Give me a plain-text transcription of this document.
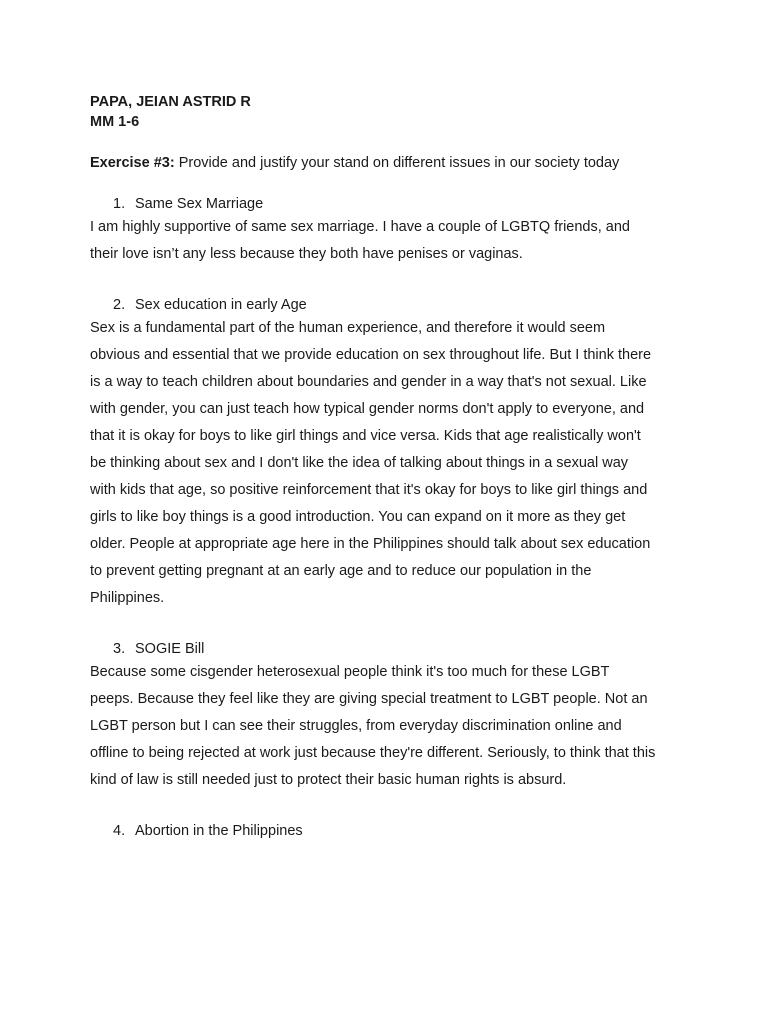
PAPA, JEIAN ASTRID R
MM 1-6
Exercise #3: Provide and justify your stand on different issues in our society today
1. Same Sex Marriage

I am highly supportive of same sex marriage. I have a couple of LGBTQ friends, and
their love isn’t any less because they both have penises or vaginas.

2. Sex education in early Age

Sex is a fundamental part of the human experience, and therefore it would seem
obvious and essential that we provide education on sex throughout life. But I think there
is a way to teach children about boundaries and gender in a way that's not sexual. Like
with gender, you can just teach how typical gender norms don't apply to everyone, and
that it is okay for boys to like girl things and vice versa. Kids that age realistically won't
be thinking about sex and I don't like the idea of talking about things in a sexual way
with kids that age, so positive reinforcement that it's okay for boys to like girl things and
girls to like boy things is a good introduction. You can expand on it more as they get
older. People at appropriate age here in the Philippines should talk about sex education
to prevent getting pregnant at an early age and to reduce our population in the
Philippines.

3. SOGIE Bill

Because some cisgender heterosexual people think it's too much for these LGBT
peeps. Because they feel like they are giving special treatment to LGBT people. Not an
LGBT person but I can see their struggles, from everyday discrimination online and
offline to being rejected at work just because they're different. Seriously, to think that this
kind of law is still needed just to protect their basic human rights is absurd.

4. Abortion in the Philippines
